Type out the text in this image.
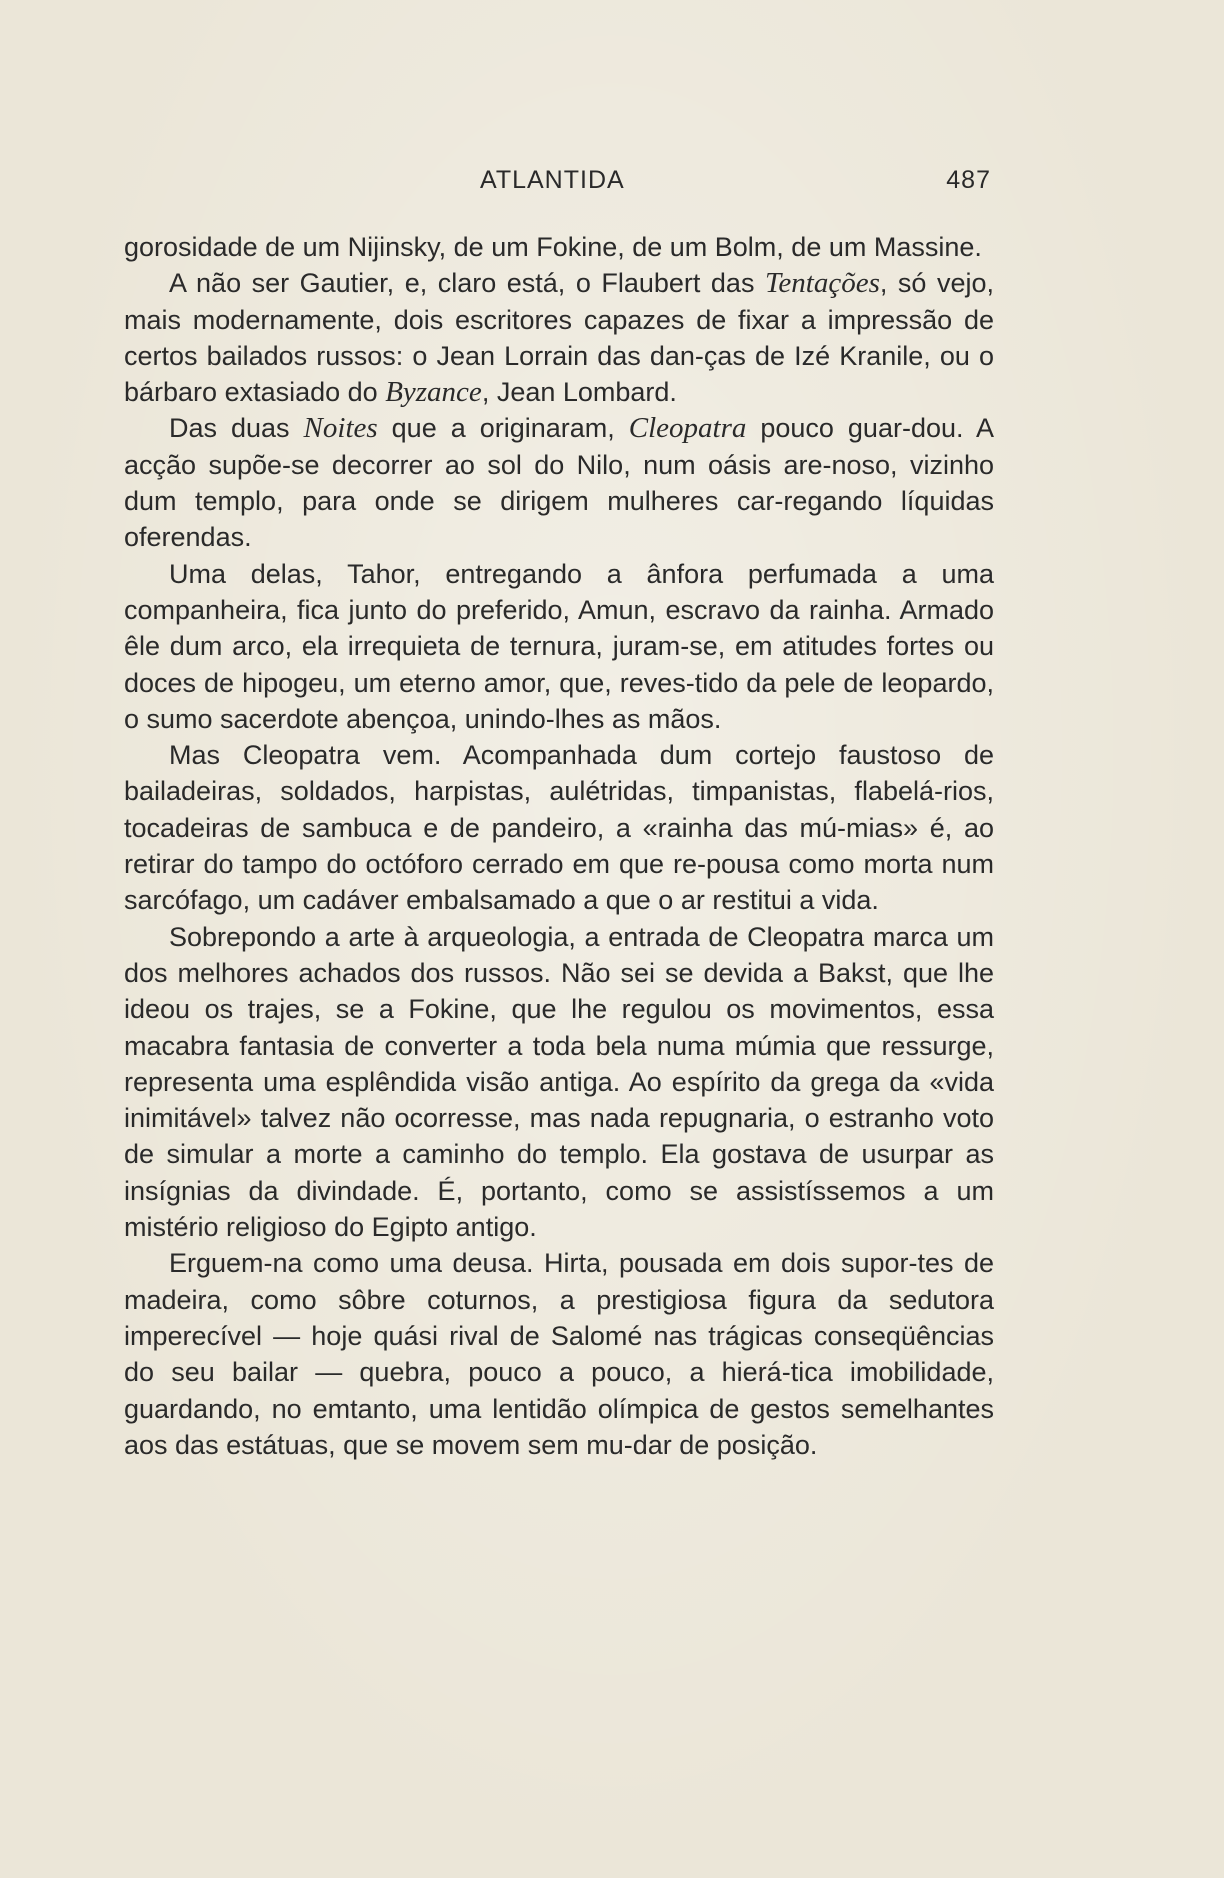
ATLANTIDA	487

gorosidade de um Nijinsky, de um Fokine, de um Bolm, de um Massine.

A não ser Gautier, e, claro está, o Flaubert das Tentações, só vejo, mais modernamente, dois escritores capazes de fixar a impressão de certos bailados russos: o Jean Lorrain das dan-ças de Izé Kranile, ou o bárbaro extasiado do Byzance, Jean Lombard.

Das duas Noites que a originaram, Cleopatra pouco guar-dou. A acção supõe-se decorrer ao sol do Nilo, num oásis are-noso, vizinho dum templo, para onde se dirigem mulheres car-regando líquidas oferendas.

Uma delas, Tahor, entregando a ânfora perfumada a uma companheira, fica junto do preferido, Amun, escravo da rainha. Armado êle dum arco, ela irrequieta de ternura, juram-se, em atitudes fortes ou doces de hipogeu, um eterno amor, que, reves-tido da pele de leopardo, o sumo sacerdote abençoa, unindo-lhes as mãos.

Mas Cleopatra vem. Acompanhada dum cortejo faustoso de bailadeiras, soldados, harpistas, aulétridas, timpanistas, flabelá-rios, tocadeiras de sambuca e de pandeiro, a «rainha das mú-mias» é, ao retirar do tampo do octóforo cerrado em que re-pousa como morta num sarcófago, um cadáver embalsamado a que o ar restitui a vida.

Sobrepondo a arte à arqueologia, a entrada de Cleopatra marca um dos melhores achados dos russos. Não sei se devida a Bakst, que lhe ideou os trajes, se a Fokine, que lhe regulou os movimentos, essa macabra fantasia de converter a toda bela numa múmia que ressurge, representa uma esplêndida visão antiga. Ao espírito da grega da «vida inimitável» talvez não ocorresse, mas nada repugnaria, o estranho voto de simular a morte a caminho do templo. Ela gostava de usurpar as insígnias da divindade. É, portanto, como se assistíssemos a um mistério religioso do Egipto antigo.

Erguem-na como uma deusa. Hirta, pousada em dois supor-tes de madeira, como sôbre coturnos, a prestigiosa figura da sedutora imperecível — hoje quási rival de Salomé nas trágicas conseqüências do seu bailar — quebra, pouco a pouco, a hierá-tica imobilidade, guardando, no emtanto, uma lentidão olímpica de gestos semelhantes aos das estátuas, que se movem sem mu-dar de posição.
